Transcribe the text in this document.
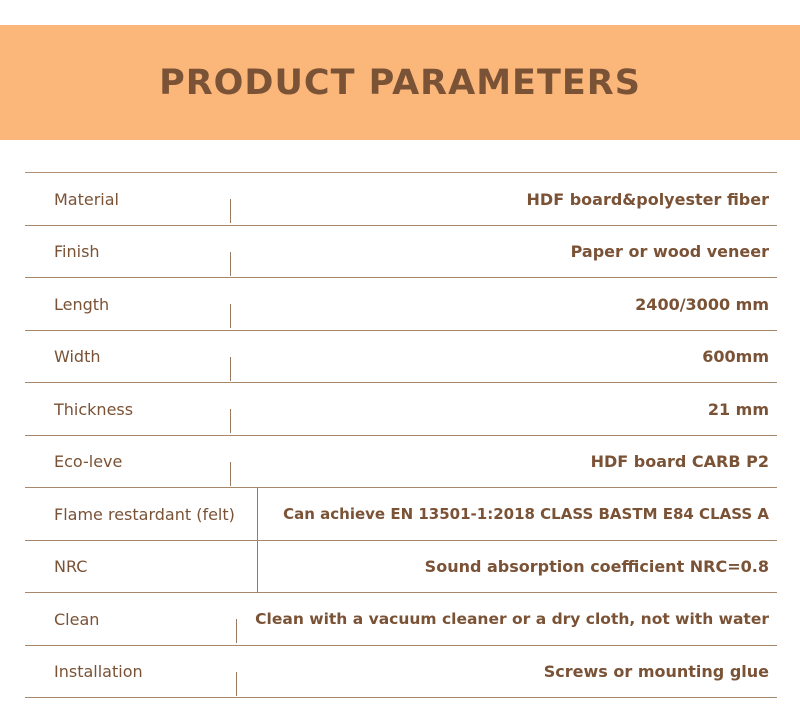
PRODUCT PARAMETERS
Material	HDF board&polyester fiber
Finish	Paper or wood veneer
Length	2400/3000 mm
Width	600mm
Thickness	21 mm
Eco-leve	HDF board CARB P2
Flame restardant (felt)	Can achieve EN 13501-1:2018 CLASS BASTM E84 CLASS A
NRC	Sound absorption coefficient NRC=0.8
Clean	Clean with a vacuum cleaner or a dry cloth, not with water
Installation	Screws or mounting glue
